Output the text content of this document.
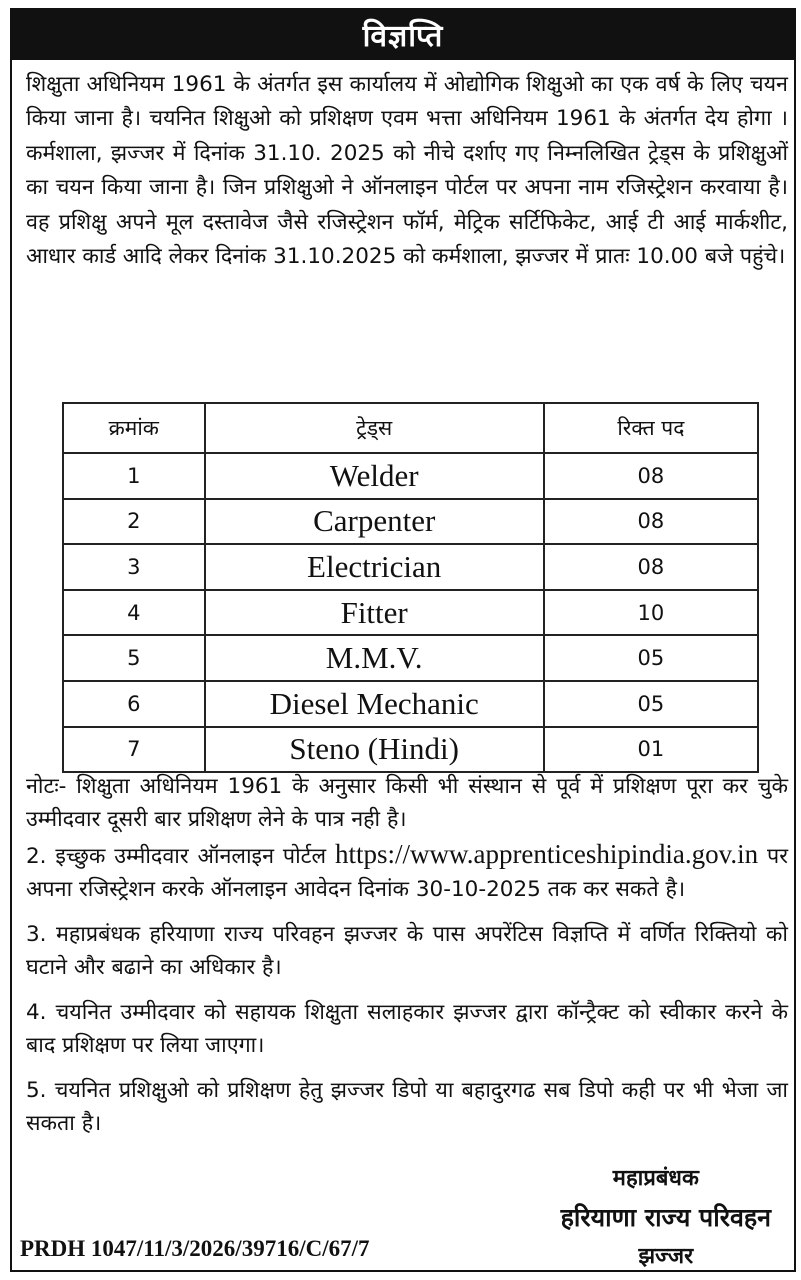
विज्ञप्ति
शिक्षुता अधिनियम 1961 के अंतर्गत इस कार्यालय में ओद्योगिक शिक्षुओ का एक वर्ष के लिए चयन किया जाना है। चयनित शिक्षुओ को प्रशिक्षण एवम भत्ता अधिनियम 1961 के अंतर्गत देय होगा । कर्मशाला, झज्जर में दिनांक 31.10. 2025 को नीचे दर्शाए गए निम्नलिखित ट्रेड्स के प्रशिक्षुओं का चयन किया जाना है। जिन प्रशिक्षुओ ने ऑनलाइन पोर्टल पर अपना नाम रजिस्ट्रेशन करवाया है। वह प्रशिक्षु अपने मूल दस्तावेज जैसे रजिस्ट्रेशन फॉर्म, मेट्रिक सर्टिफिकेट, आई टी आई मार्कशीट, आधार कार्ड आदि लेकर दिनांक 31.10.2025 को कर्मशाला, झज्जर में प्रातः 10.00 बजे पहुंचे।
क्रमांक	ट्रेड्स	रिक्त पद
1	Welder	08
2	Carpenter	08
3	Electrician	08
4	Fitter	10
5	M.M.V.	05
6	Diesel Mechanic	05
7	Steno (Hindi)	01

नोटः- शिक्षुता अधिनियम 1961 के अनुसार किसी भी संस्थान से पूर्व में प्रशिक्षण पूरा कर चुके उम्मीदवार दूसरी बार प्रशिक्षण लेने के पात्र नही है।

2. इच्छुक उम्मीदवार ऑनलाइन पोर्टल https://www.apprenticeshipindia.gov.in पर अपना रजिस्ट्रेशन करके ऑनलाइन आवेदन दिनांक 30-10-2025 तक कर सकते है।

3. महाप्रबंधक हरियाणा राज्य परिवहन झज्जर के पास अपरेंटिस विज्ञप्ति में वर्णित रिक्तियो को घटाने और बढाने का अधिकार है।

4. चयनित उम्मीदवार को सहायक शिक्षुता सलाहकार झज्जर द्वारा कॉन्ट्रैक्ट को स्वीकार करने के बाद प्रशिक्षण पर लिया जाएगा।

5. चयनित प्रशिक्षुओ को प्रशिक्षण हेतु झज्जर डिपो या बहादुरगढ सब डिपो कही पर भी भेजा जा सकता है।

महाप्रबंधक
हरियाणा राज्य परिवहन
झज्जर
PRDH 1047/11/3/2026/39716/C/67/7
